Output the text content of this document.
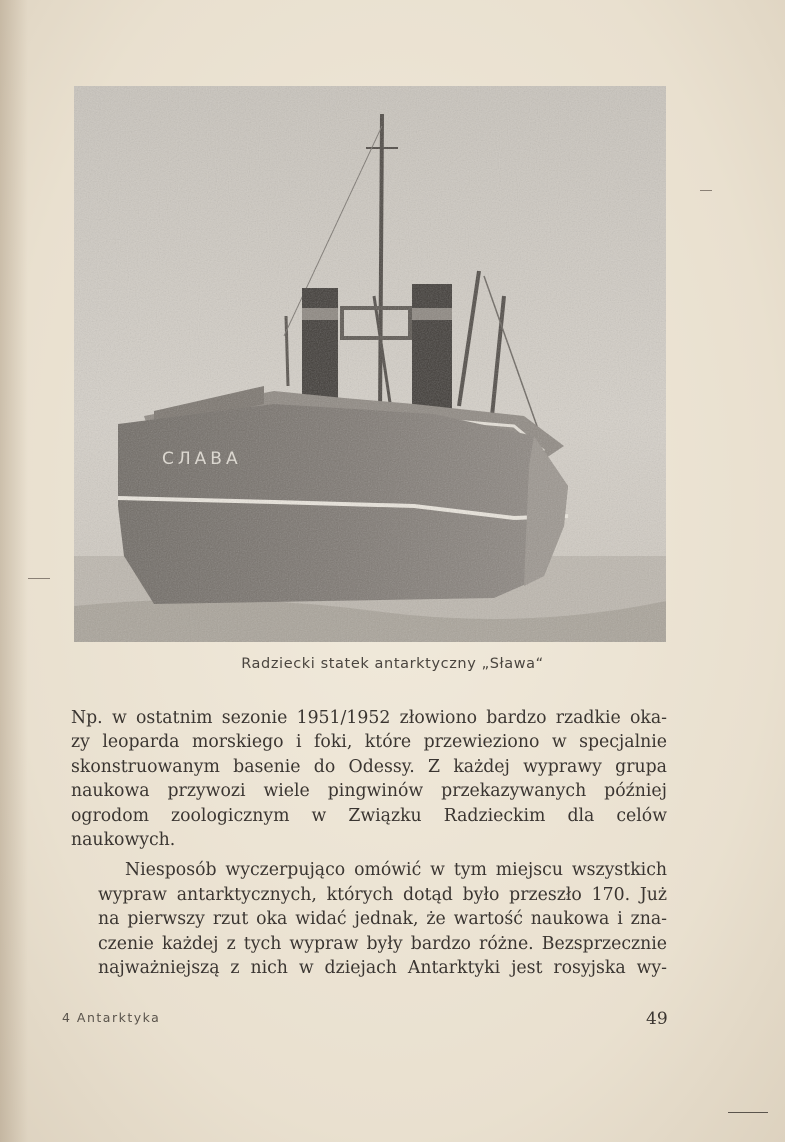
Radziecki statek antarktyczny „Sława“

Np. w ostatnim sezonie 1951/1952 złowiono bardzo rzadkie oka-
zy leoparda morskiego i foki, które przewieziono w specjalnie
skonstruowanym basenie do Odessy. Z każdej wyprawy grupa
naukowa przywozi wiele pingwinów przekazywanych później
ogrodom zoologicznym w Związku Radzieckim dla celów
naukowych.

Niesposób wyczerpująco omówić w tym miejscu wszystkich
wypraw antarktycznych, których dotąd było przeszło 170. Już
na pierwszy rzut oka widać jednak, że wartość naukowa i zna-
czenie każdej z tych wypraw były bardzo różne. Bezsprzecznie
najważniejszą z nich w dziejach Antarktyki jest rosyjska wy-

4 Antarktyka	49
